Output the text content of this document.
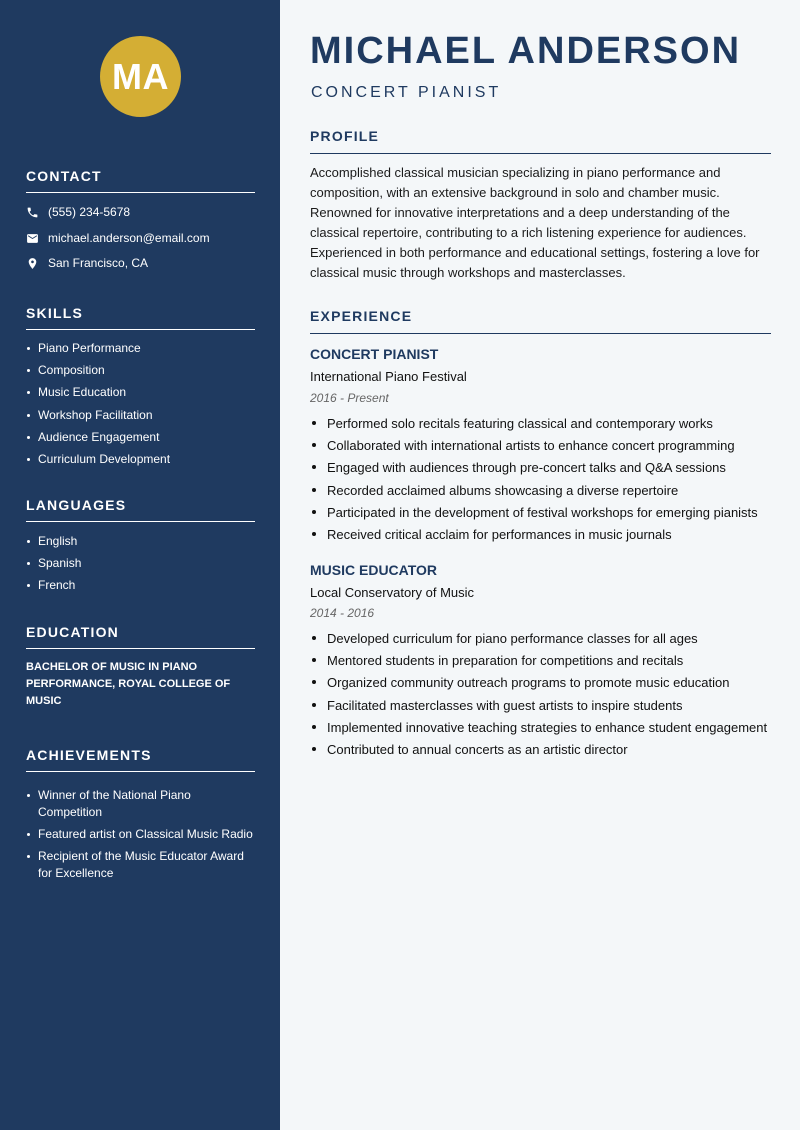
MA
CONTACT
(555) 234-5678
michael.anderson@email.com
San Francisco, CA
SKILLS
Piano Performance
Composition
Music Education
Workshop Facilitation
Audience Engagement
Curriculum Development
LANGUAGES
English
Spanish
French
EDUCATION
BACHELOR OF MUSIC IN PIANO PERFORMANCE, ROYAL COLLEGE OF MUSIC
ACHIEVEMENTS
Winner of the National Piano Competition
Featured artist on Classical Music Radio
Recipient of the Music Educator Award for Excellence
MICHAEL ANDERSON
CONCERT PIANIST
PROFILE

Accomplished classical musician specializing in piano performance and composition, with an extensive background in solo and chamber music. Renowned for innovative interpretations and a deep understanding of the classical repertoire, contributing to a rich listening experience for audiences. Experienced in both performance and educational settings, fostering a love for classical music through workshops and masterclasses.

EXPERIENCE
CONCERT PIANIST
International Piano Festival
2016 - Present
Performed solo recitals featuring classical and contemporary works
Collaborated with international artists to enhance concert programming
Engaged with audiences through pre-concert talks and Q&A sessions
Recorded acclaimed albums showcasing a diverse repertoire
Participated in the development of festival workshops for emerging pianists
Received critical acclaim for performances in music journals
MUSIC EDUCATOR
Local Conservatory of Music
2014 - 2016
Developed curriculum for piano performance classes for all ages
Mentored students in preparation for competitions and recitals
Organized community outreach programs to promote music education
Facilitated masterclasses with guest artists to inspire students
Implemented innovative teaching strategies to enhance student engagement
Contributed to annual concerts as an artistic director
